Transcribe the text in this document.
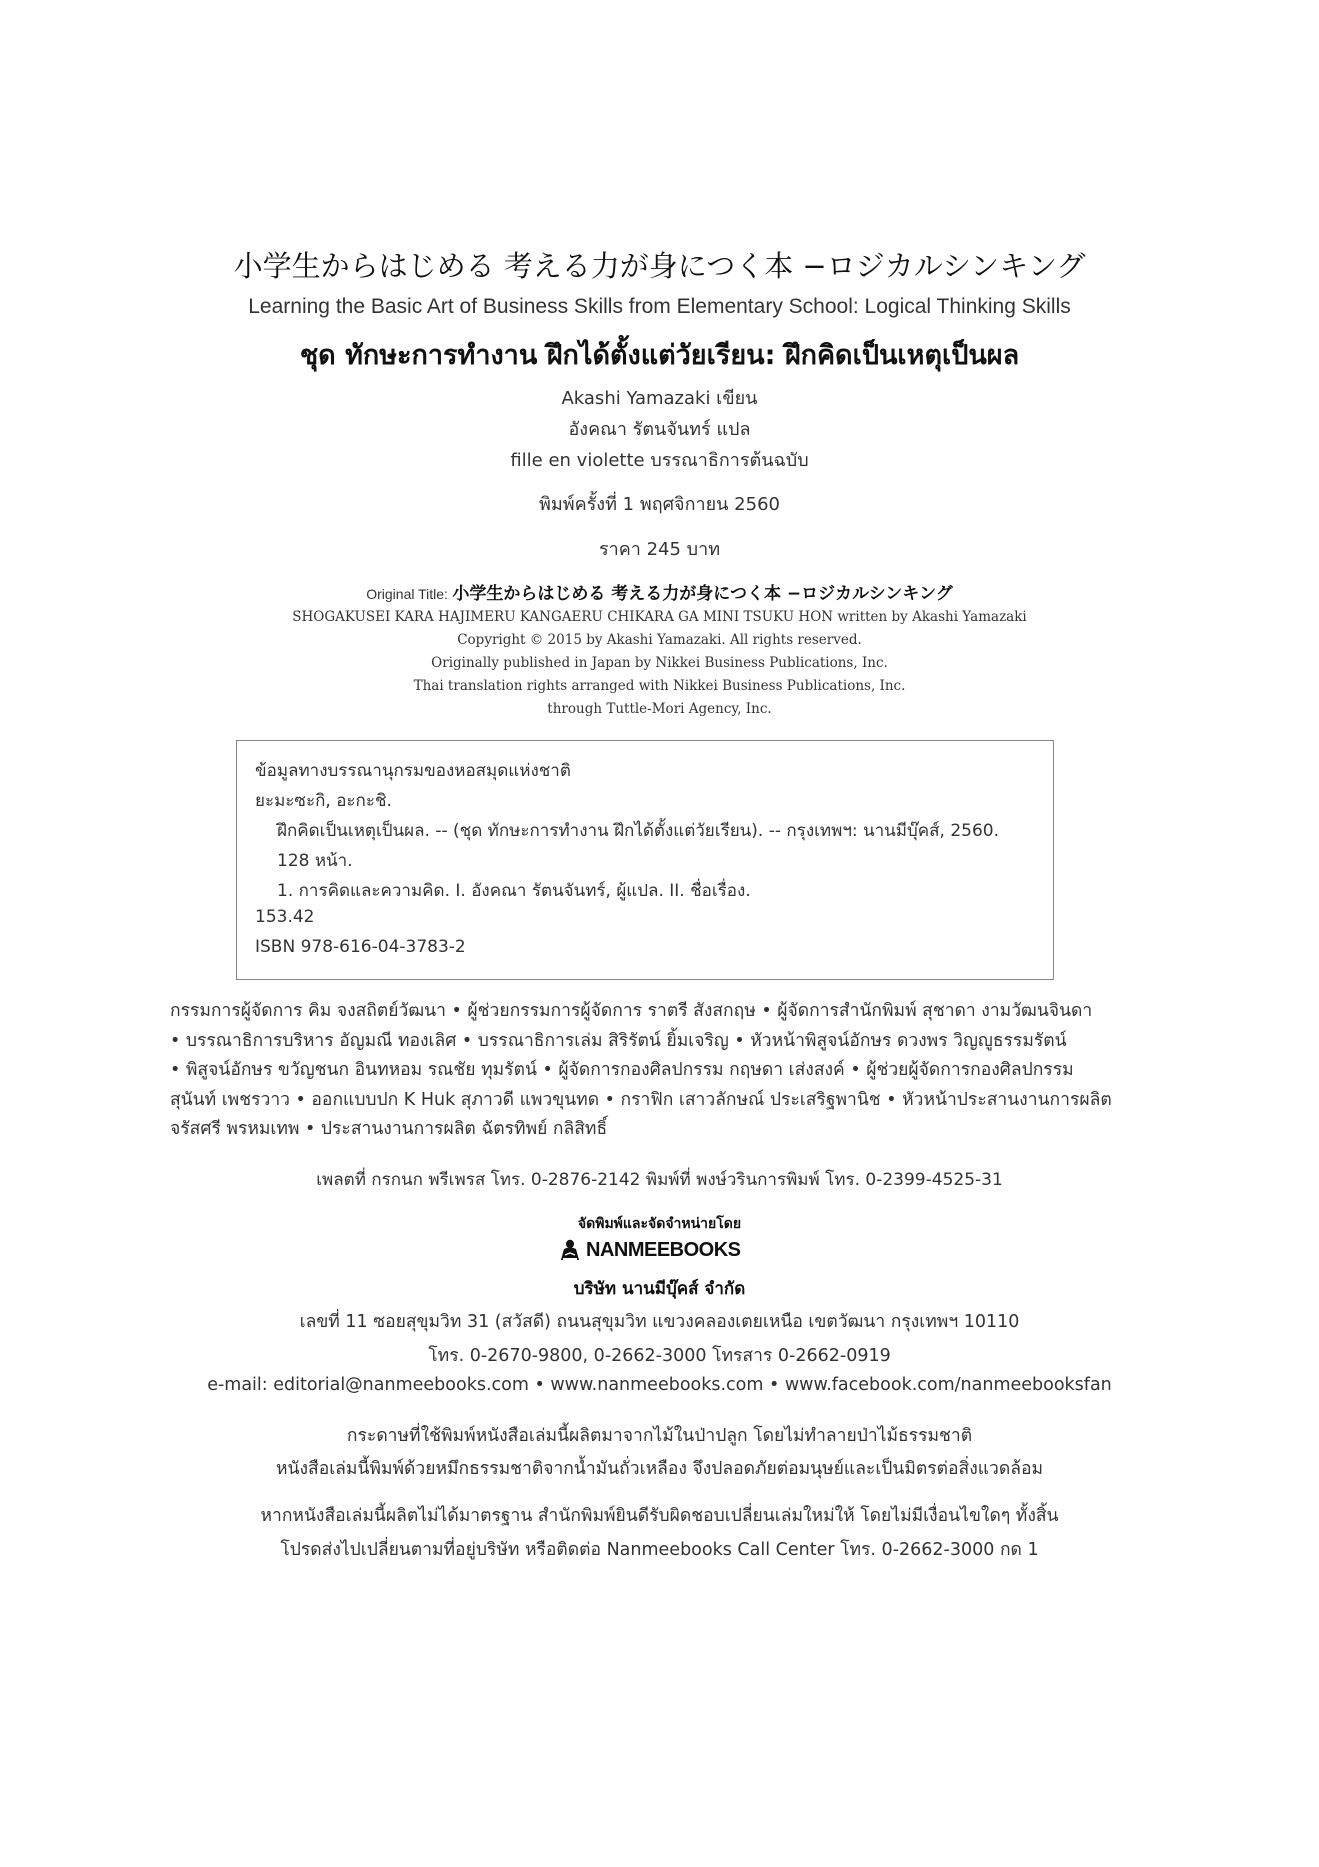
小学生からはじめる 考える力が身につく本 −ロジカルシンキング
Learning the Basic Art of Business Skills from Elementary School: Logical Thinking Skills
ชุด ทักษะการทำงาน ฝึกได้ตั้งแต่วัยเรียน: ฝึกคิดเป็นเหตุเป็นผล
Akashi Yamazaki เขียน
อังคณา รัตนจันทร์ แปล
fille en violette บรรณาธิการต้นฉบับ
พิมพ์ครั้งที่ 1 พฤศจิกายน 2560
ราคา 245 บาท
Original Title: 小学生からはじめる 考える力が身につく本 −ロジカルシンキング
SHOGAKUSEI KARA HAJIMERU KANGAERU CHIKARA GA MINI TSUKU HON written by Akashi Yamazaki
Copyright © 2015 by Akashi Yamazaki. All rights reserved.
Originally published in Japan by Nikkei Business Publications, Inc.
Thai translation rights arranged with Nikkei Business Publications, Inc.
through Tuttle-Mori Agency, Inc.
ข้อมูลทางบรรณานุกรมของหอสมุดแห่งชาติ
ยะมะซะกิ, อะกะชิ.
ฝึกคิดเป็นเหตุเป็นผล. -- (ชุด ทักษะการทำงาน ฝึกได้ตั้งแต่วัยเรียน). -- กรุงเทพฯ: นานมีบุ๊คส์, 2560.
128 หน้า.
1. การคิดและความคิด. I. อังคณา รัตนจันทร์, ผู้แปล. II. ชื่อเรื่อง.
153.42
ISBN 978-616-04-3783-2
กรรมการผู้จัดการ คิม จงสถิตย์วัฒนา • ผู้ช่วยกรรมการผู้จัดการ ราตรี สังสกฤษ • ผู้จัดการสำนักพิมพ์ สุชาดา งามวัฒนจินดา
• บรรณาธิการบริหาร อัญมณี ทองเลิศ • บรรณาธิการเล่ม สิริรัตน์ ยิ้มเจริญ • หัวหน้าพิสูจน์อักษร ดวงพร วิญญูธรรมรัตน์
• พิสูจน์อักษร ขวัญชนก อินทหอม รณชัย ทุมรัตน์ • ผู้จัดการกองศิลปกรรม กฤษดา เส่งสงค์ • ผู้ช่วยผู้จัดการกองศิลปกรรม
สุนันท์ เพชรวาว • ออกแบบปก K Huk สุภาวดี แพวขุนทด • กราฟิก เสาวลักษณ์ ประเสริฐพานิช • หัวหน้าประสานงานการผลิต
จรัสศรี พรหมเทพ • ประสานงานการผลิต ฉัตรทิพย์ กลิสิทธิ์
เพลตที่ กรกนก พรีเพรส โทร. 0-2876-2142 พิมพ์ที่ พงษ์วรินการพิมพ์ โทร. 0-2399-4525-31
จัดพิมพ์และจัดจำหน่ายโดย
NANMEEBOOKS
บริษัท นานมีบุ๊คส์ จำกัด
เลขที่ 11 ซอยสุขุมวิท 31 (สวัสดี) ถนนสุขุมวิท แขวงคลองเตยเหนือ เขตวัฒนา กรุงเทพฯ 10110
โทร. 0-2670-9800, 0-2662-3000 โทรสาร 0-2662-0919
e-mail: editorial@nanmeebooks.com • www.nanmeebooks.com • www.facebook.com/nanmeebooksfan
กระดาษที่ใช้พิมพ์หนังสือเล่มนี้ผลิตมาจากไม้ในป่าปลูก โดยไม่ทำลายป่าไม้ธรรมชาติ
หนังสือเล่มนี้พิมพ์ด้วยหมึกธรรมชาติจากน้ำมันถั่วเหลือง จึงปลอดภัยต่อมนุษย์และเป็นมิตรต่อสิ่งแวดล้อม
หากหนังสือเล่มนี้ผลิตไม่ได้มาตรฐาน สำนักพิมพ์ยินดีรับผิดชอบเปลี่ยนเล่มใหม่ให้ โดยไม่มีเงื่อนไขใดๆ ทั้งสิ้น
โปรดส่งไปเปลี่ยนตามที่อยู่บริษัท หรือติดต่อ Nanmeebooks Call Center โทร. 0-2662-3000 กด 1
